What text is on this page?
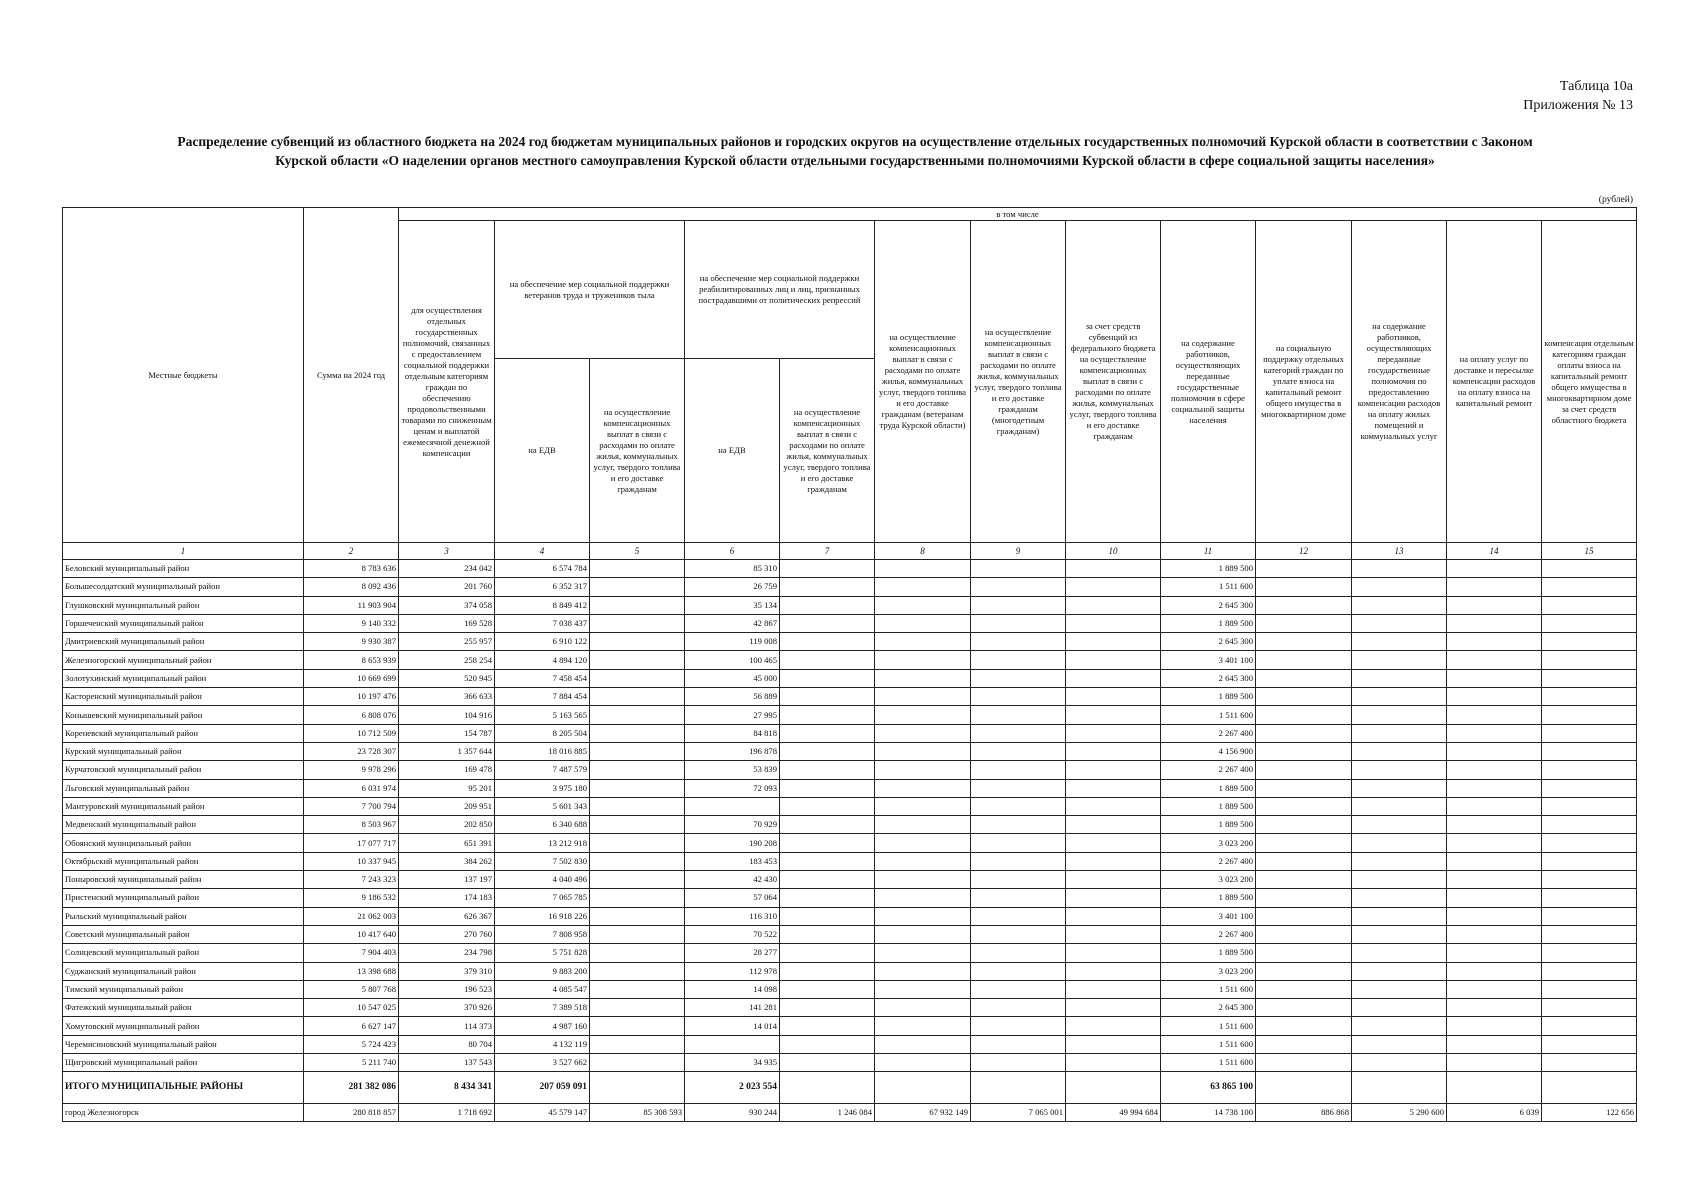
Таблица 10а
Приложения № 13
Распределение субвенций из областного бюджета на 2024 год бюджетам муниципальных районов и городских округов на осуществление отдельных государственных полномочий Курской области в соответствии с Законом
Курской области «О наделении органов местного самоуправления Курской области отдельными государственными полномочиями Курской области в сфере социальной защиты населения»
(рублей)
Местные бюджеты	Сумма на 2024 год	в том числе												
		для осуществления отдельных государственных полномочий, связанных с предоставлением социальной поддержки отдельным категориям граждан по обеспечению продовольственными товарами по сниженным ценам и выплатой ежемесячной денежной компенсации	на обеспечение мер социальной поддержки ветеранов труда и тружеников тыла		на обеспечение мер социальной поддержки реабилитированных лиц и лиц, признанных пострадавшими от политических репрессий		на осуществление компенсационных выплат в связи с расходами по оплате жилья, коммунальных услуг, твердого топлива и его доставке гражданам (ветеранам труда Курской области)	на осуществление компенсационных выплат в связи с расходами по оплате жилья, коммунальных услуг, твердого топлива и его доставке гражданам (многодетным гражданам)	за счет средств субвенций из федерального бюджета на осуществление компенсационных выплат в связи с расходами по оплате жилья, коммунальных услуг, твердого топлива и его доставке гражданам	на содержание работников, осуществляющих переданные государственные полномочия в сфере социальной защиты населения	на социальную поддержку отдельных категорий граждан по уплате взноса на капитальный ремонт общего имущества в многоквартирном доме	на содержание работников, осуществляющих переданные государственные полномочия по предоставлению компенсации расходов на оплату жилых помещений и коммунальных услуг	на оплату услуг по доставке и пересылке компенсации расходов на оплату взноса на капитальный ремонт	компенсация отдельным категориям граждан оплаты взноса на капитальный ремонт общего имущества в многоквартирном доме за счет средств областного бюджета
			на ЕДВ	на осуществление компенсационных выплат в связи с расходами по оплате жилья, коммунальных услуг, твердого топлива и его доставке гражданам	на ЕДВ	на осуществление компенсационных выплат в связи с расходами по оплате жилья, коммунальных услуг, твердого топлива и его доставке гражданам								
1	2	3	4	5	6	7	8	9	10	11	12	13	14	15
Беловский муниципальный район	8 783 636	234 042	6 574 784		85 310					1 889 500				
Большесолдатский муниципальный район	8 092 436	201 760	6 352 317		26 759					1 511 600				
Глушковский муниципальный район	11 903 904	374 058	8 849 412		35 134					2 645 300				
Горшеченский муниципальный район	9 140 332	169 528	7 038 437		42 867					1 889 500				
Дмитриевский муниципальный район	9 930 387	255 957	6 910 122		119 008					2 645 300				
Железногорский муниципальный район	8 653 939	258 254	4 894 120		100 465					3 401 100				
Золотухинский муниципальный район	10 669 699	520 945	7 458 454		45 000					2 645 300				
Касторенский муниципальный район	10 197 476	366 633	7 884 454		56 889					1 889 500				
Конышевский муниципальный район	6 808 076	104 916	5 163 565		27 995					1 511 600				
Кореневский муниципальный район	10 712 509	154 787	8 205 504		84 818					2 267 400				
Курский муниципальный район	23 728 307	1 357 644	18 016 885		196 878					4 156 900				
Курчатовский муниципальный район	9 978 296	169 478	7 487 579		53 839					2 267 400				
Льговский муниципальный район	6 031 974	95 201	3 975 180		72 093					1 889 500				
Мантуровский муниципальный район	7 700 794	209 951	5 601 343							1 889 500				
Медвенский муниципальный район	8 503 967	202 850	6 340 688		70 929					1 889 500				
Обоянский муниципальный район	17 077 717	651 391	13 212 918		190 208					3 023 200				
Октябрьский муниципальный район	10 337 945	384 262	7 502 830		183 453					2 267 400				
Поныровский муниципальный район	7 243 323	137 197	4 040 496		42 430					3 023 200				
Пристенский муниципальный район	9 186 532	174 183	7 065 785		57 064					1 889 500				
Рыльский муниципальный район	21 062 003	626 367	16 918 226		116 310					3 401 100				
Советский муниципальный район	10 417 640	270 760	7 808 958		70 522					2 267 400				
Солнцевский муниципальный район	7 904 403	234 798	5 751 828		28 277					1 889 500				
Суджанский муниципальный район	13 398 688	379 310	9 883 200		112 978					3 023 200				
Тимский муниципальный район	5 807 768	196 523	4 085 547		14 098					1 511 600				
Фатежский муниципальный район	10 547 025	370 926	7 389 518		141 281					2 645 300				
Хомутовский муниципальный район	6 627 147	114 373	4 987 160		14 014					1 511 600				
Черемисиновский муниципальный район	5 724 423	80 704	4 132 119							1 511 600				
Щигровский муниципальный район	5 211 740	137 543	3 527 662		34 935					1 511 600				
ИТОГО МУНИЦИПАЛЬНЫЕ РАЙОНЫ	281 382 086	8 434 341	207 059 091		2 023 554					63 865 100				
город Железногорск	280 818 857	1 718 692	45 579 147	85 308 593	930 244	1 246 084	67 932 149	7 065 001	49 994 684	14 738 100	886 868	5 290 600	6 039	122 656
